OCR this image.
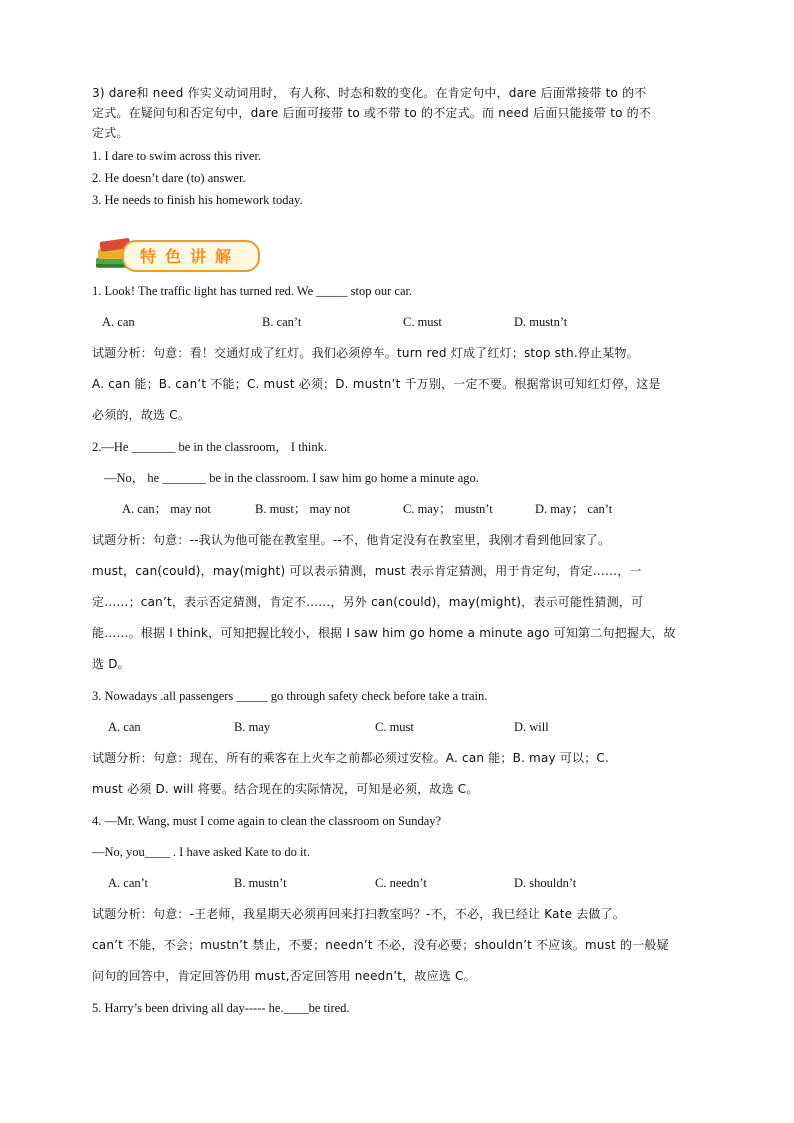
3) dare和 need 作实义动词用时， 有人称、时态和数的变化。在肯定句中，dare 后面常接带 to 的不
定式。在疑问句和否定句中，dare 后面可接带 to 或不带 to 的不定式。而 need 后面只能接带 to 的不
定式。
1. I dare to swim across this river.
2. He doesn’t dare (to) answer.
3. He needs to finish his homework today.
特色讲解
1. Look! The traffic light has turned red. We _____ stop our car.
A. can	B. can’t	C. must	D. mustn’t
试题分析：句意：看！交通灯成了红灯。我们必须停车。turn red 灯成了红灯；stop sth.停止某物。
A. can 能；B. can’t 不能；C. must 必须；D. mustn’t 千万别，一定不要。根据常识可知红灯停，这是
必须的，故选 C。
2.—He _______ be in the classroom， I think.
—No， he _______ be in the classroom. I saw him go home a minute ago.
A. can； may not	B. must； may not	C. may； mustn’t	D. may； can’t
试题分析：句意：--我认为他可能在教室里。--不，他肯定没有在教室里，我刚才看到他回家了。
must，can(could)，may(might) 可以表示猜测，must 表示肯定猜测，用于肯定句，肯定……，一
定……；can’t，表示否定猜测，肯定不……，另外 can(could)，may(might)，表示可能性猜测，可
能……。根据 I think，可知把握比较小，根据 I saw him go home a minute ago 可知第二句把握大，故
选 D。
3. Nowadays .all passengers _____ go through safety check before take a train.
A. can	B. may	C. must	D. will
试题分析：句意：现在，所有的乘客在上火车之前都必须过安检。A. can 能；B. may 可以；C.
must 必须 D. will 将要。结合现在的实际情况，可知是必须，故选 C。
4. —Mr. Wang, must I come again to clean the classroom on Sunday?
—No, you____ . I have asked Kate to do it.
A. can’t	B. mustn’t	C. needn’t	D. shouldn’t
试题分析：句意：-王老师，我星期天必须再回来打扫教室吗？-不，不必，我已经让 Kate 去做了。
can’t 不能，不会；mustn’t 禁止，不要；needn’t 不必，没有必要；shouldn’t 不应该。must 的一般疑
问句的回答中，肯定回答仍用 must,否定回答用 needn’t，故应选 C。
5. Harry’s been driving all day----- he.____be tired.
